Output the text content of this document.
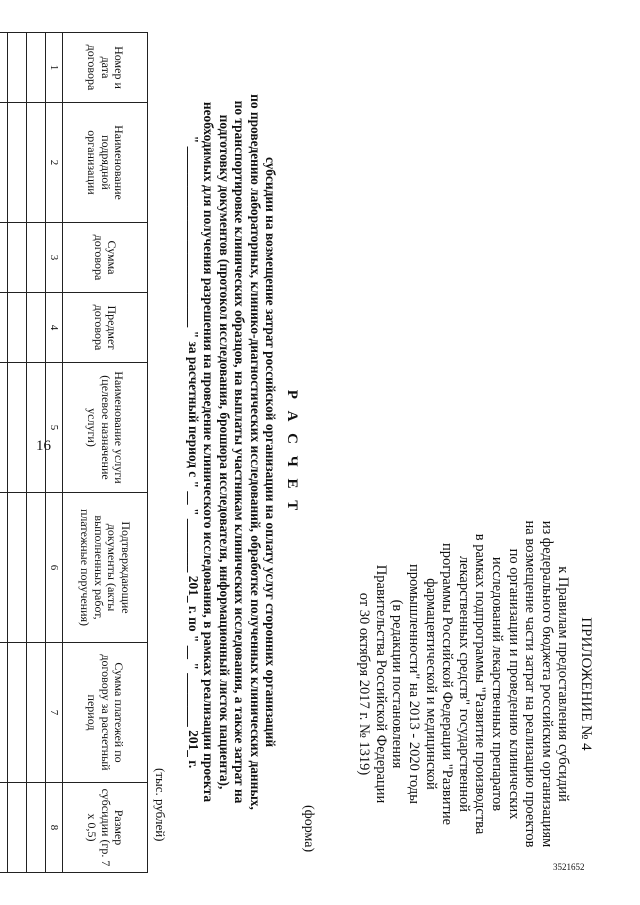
16
3521652
ПРИЛОЖЕНИЕ № 4
к Правилам предоставления субсидий
из федерального бюджета российским организациям
на возмещение части затрат на реализацию проектов
по организации и проведению клинических
исследований лекарственных препаратов
в рамках подпрограммы "Развитие производства
лекарственных средств" государственной
программы Российской Федерации "Развитие
фармацевтической и медицинской
промышленности" на 2013 - 2020 годы
(в редакции постановления
Правительства Российской Федерации
от 30 октября 2017 г. № 1319)
(форма)
Р А С Ч Е Т
субсидии на возмещение затрат российской организации на оплату услуг сторонних организаций
по проведению лабораторных, клинико-диагностических исследований, обработке полученных клинических данных,
по транспортировке клинических образцов, на выплаты участникам клинических исследования, а также затрат на
подготовку документов (протокол исследования, брошюра исследователя, информационный листок пациента),
необходимых для получения разрешения на проведение клинического исследования, в рамках реализации проекта
" ___________________________ " за расчетный период с " __ " ________ 201_ г. по " __ " ________ 201_ г.
(тыс. рублей)
Номер и дата договора	Наименование подрядной организации	Сумма договора	Предмет договора	Наименование услуги (целевое назначение услуги)	Подтверждающие документы (акты выполненных работ, платежные поручения)	Сумма платежей по договору за расчетный период	Размер субсидии (гр. 7 x 0,5)
1	2	3	4	5	6	7	8
